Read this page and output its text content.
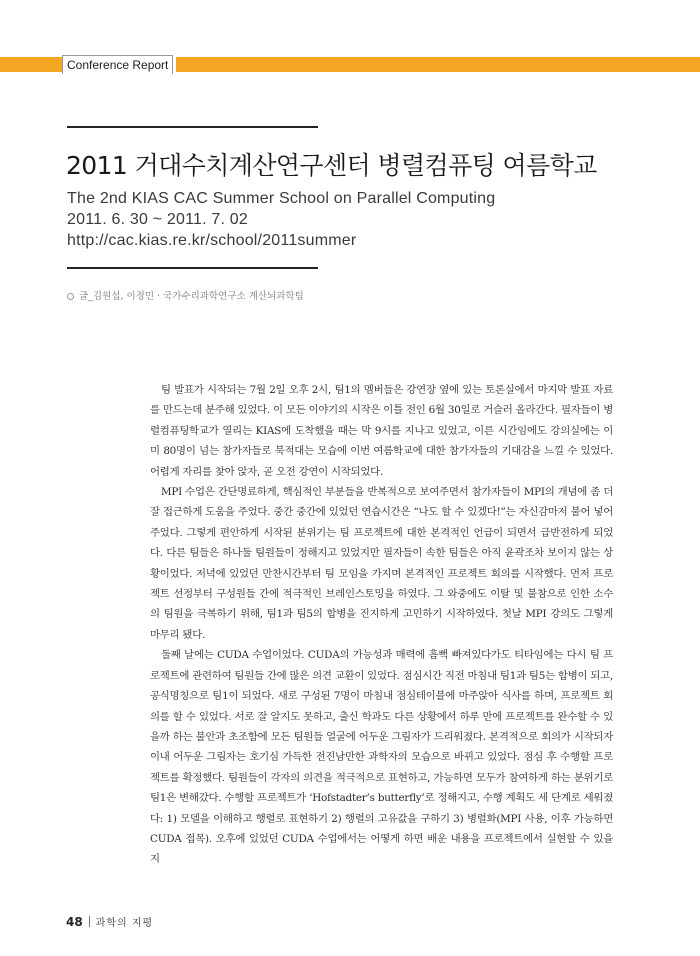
Conference Report
2011 거대수치계산연구센터 병렬컴퓨팅 여름학교
The 2nd KIAS CAC Summer School on Parallel Computing
2011. 6. 30 ~ 2011. 7. 02
http://cac.kias.re.kr/school/2011summer
글_김원섭, 이정민 · 국가수리과학연구소 계산뇌과학팀

팀 발표가 시작되는 7월 2일 오후 2시, 팀1의 멤버들은 강연장 옆에 있는 토론실에서 마지막 발표 자료를 만드는데 분주해 있었다. 이 모든 이야기의 시작은 이틀 전인 6월 30일로 거슬러 올라간다. 필자들이 병렬컴퓨팅학교가 열리는 KIAS에 도착했을 때는 막 9시를 지나고 있었고, 이른 시간임에도 강의실에는 이미 80명이 넘는 참가자들로 북적대는 모습에 이번 여름학교에 대한 참가자들의 기대감을 느낄 수 있었다. 어렵게 자리를 찾아 앉자, 곧 오전 강연이 시작되었다.

MPI 수업은 간단명료하게, 핵심적인 부분들을 반복적으로 보여주면서 참가자들이 MPI의 개념에 좀 더 잘 접근하게 도움을 주었다. 중간 중간에 있었던 연습시간은 “나도 할 수 있겠다!”는 자신감마저 불어 넣어 주었다. 그렇게 편안하게 시작된 분위기는 팀 프로젝트에 대한 본격적인 언급이 되면서 급반전하게 되었다. 다른 팀들은 하나둘 팀원들이 정해지고 있었지만 필자들이 속한 팀들은 아직 윤곽조차 보이지 않는 상황이었다. 저녁에 있었던 만찬시간부터 팀 모임을 가지며 본격적인 프로젝트 회의를 시작했다. 먼저 프로젝트 선정부터 구성원들 간에 적극적인 브레인스토밍을 하였다. 그 와중에도 이탈 및 불참으로 인한 소수의 팀원을 극복하기 위해, 팀1과 팀5의 합병을 진지하게 고민하기 시작하였다. 첫날 MPI 강의도 그렇게 마무리 됐다.

둘째 날에는 CUDA 수업이었다. CUDA의 가능성과 매력에 흠뻑 빠져있다가도 티타임에는 다시 팀 프로젝트에 관련하여 팀원들 간에 많은 의견 교환이 있었다. 점심시간 직전 마침내 팀1과 팀5는 합병이 되고, 공식명칭으로 팀1이 되었다. 새로 구성된 7명이 마침내 점심테이블에 마주앉아 식사를 하며, 프로젝트 회의를 할 수 있었다. 서로 잘 알지도 못하고, 출신 학과도 다른 상황에서 하루 만에 프로젝트를 완수할 수 있을까 하는 불안과 초조함에 모든 팀원들 얼굴에 어두운 그림자가 드리워졌다. 본격적으로 회의가 시작되자 이내 어두운 그림자는 호기심 가득한 전진남만한 과학자의 모습으로 바뀌고 있었다. 점심 후 수행할 프로젝트를 확정했다. 팀원들이 각자의 의견을 적극적으로 표현하고, 가능하면 모두가 참여하게 하는 분위기로 팀1은 변해갔다. 수행할 프로젝트가 ‘Hofstadter’s butterfly’로 정해지고, 수행 계획도 세 단계로 세워졌다: 1) 모델을 이해하고 행렬로 표현하기 2) 행렬의 고유값을 구하기 3) 병렬화(MPI 사용, 이후 가능하면 CUDA 접목). 오후에 있었던 CUDA 수업에서는 어떻게 하면 배운 내용을 프로젝트에서 실현할 수 있을 지

48 과학의 지평
